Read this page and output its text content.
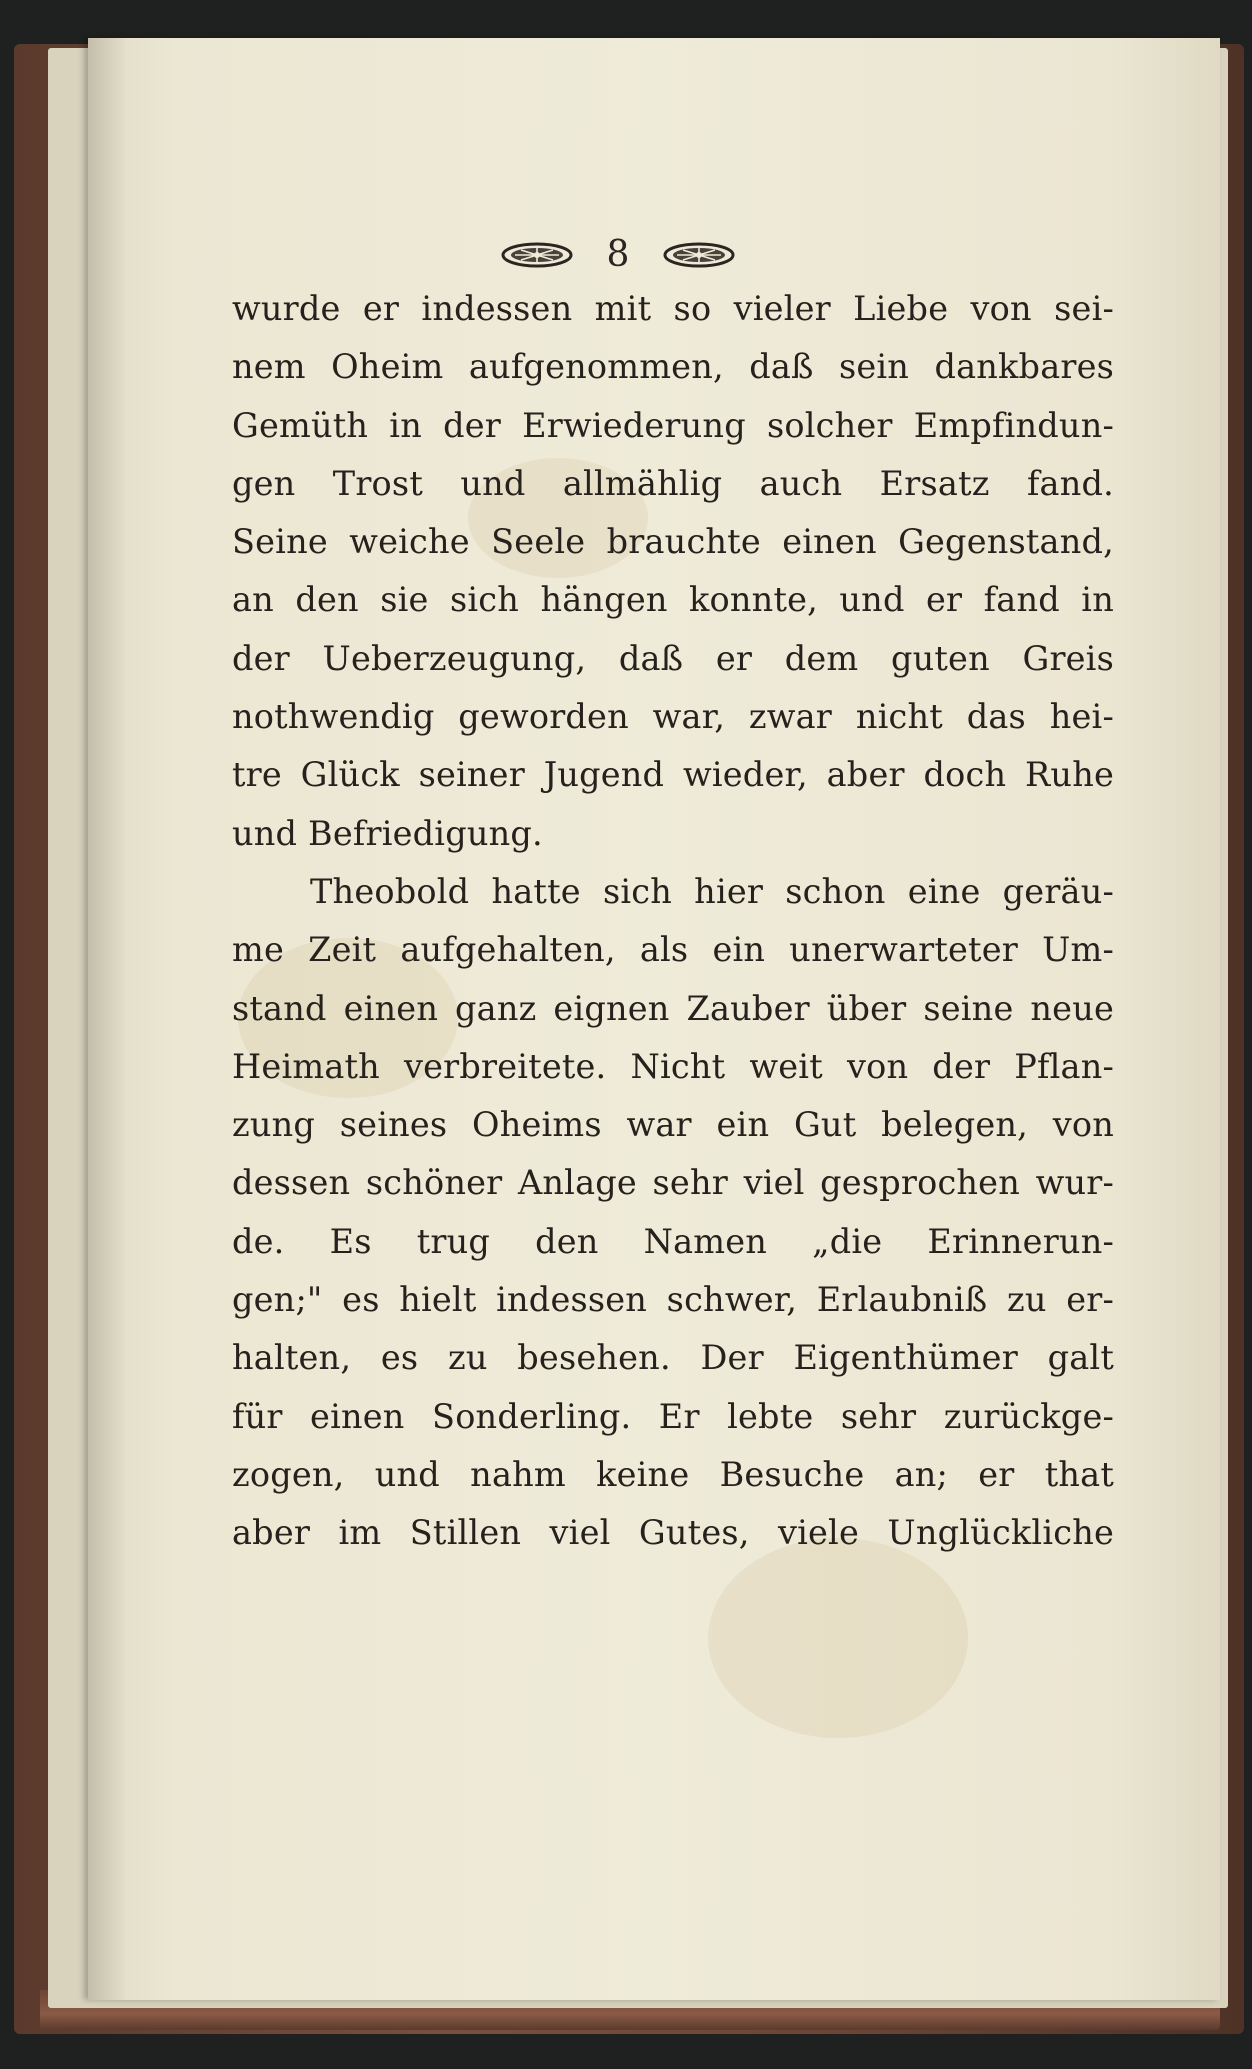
8
wurde er indessen mit so vieler Liebe von sei-
nem Oheim aufgenommen, daß sein dankbares
Gemüth in der Erwiederung solcher Empfindun-
gen Trost und allmählig auch Ersatz fand.
Seine weiche Seele brauchte einen Gegenstand,
an den sie sich hängen konnte, und er fand in
der Ueberzeugung, daß er dem guten Greis
nothwendig geworden war, zwar nicht das hei-
tre Glück seiner Jugend wieder, aber doch Ruhe
und Befriedigung.
Theobold hatte sich hier schon eine geräu-
me Zeit aufgehalten, als ein unerwarteter Um-
stand einen ganz eignen Zauber über seine neue
Heimath verbreitete. Nicht weit von der Pflan-
zung seines Oheims war ein Gut belegen, von
dessen schöner Anlage sehr viel gesprochen wur-
de. Es trug den Namen „die Erinnerun-
gen;" es hielt indessen schwer, Erlaubniß zu er-
halten, es zu besehen. Der Eigenthümer galt
für einen Sonderling. Er lebte sehr zurückge-
zogen, und nahm keine Besuche an; er that
aber im Stillen viel Gutes, viele Unglückliche
